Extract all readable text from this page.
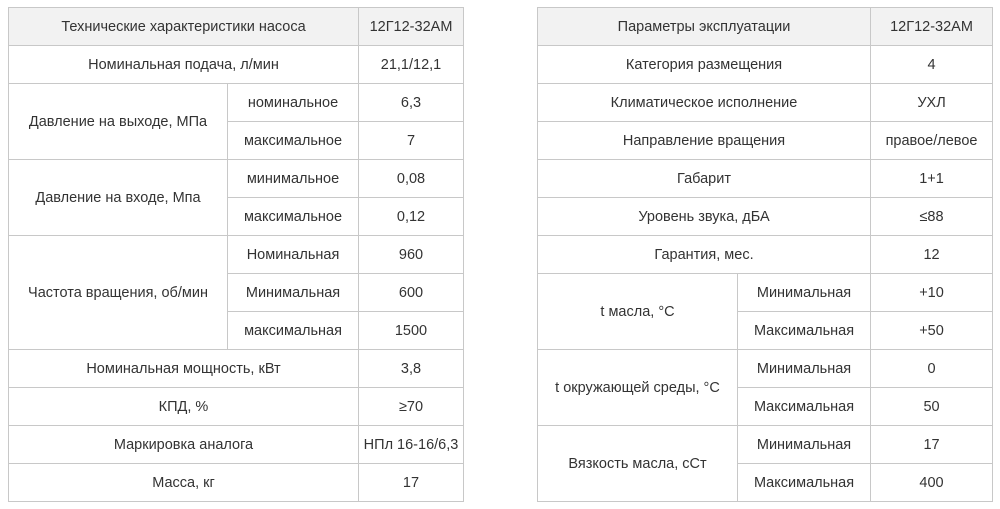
Технические характеристики насоса		12Г12-32АМ
Номинальная подача, л/мин		21,1/12,1
Давление на выходе, МПа	номинальное	6,3
	максимальное	7
Давление на входе, Мпа	минимальное	0,08
	максимальное	0,12
Частота вращения, об/мин	Номинальная	960
	Минимальная	600
	максимальная	1500
Номинальная мощность, кВт		3,8
КПД, %		≥70
Маркировка аналога		НПл 16-16/6,3
Масса, кг		17
Параметры эксплуатации		12Г12-32АМ
Категория размещения		4
Климатическое исполнение		УХЛ
Направление вращения		правое/левое
Габарит		1+1
Уровень звука, дБА		≤88
Гарантия, мес.		12
t масла, °С	Минимальная	+10
	Максимальная	+50
t окружающей среды, °С	Минимальная	0
	Максимальная	50
Вязкость масла, сСт	Минимальная	17
	Максимальная	400
